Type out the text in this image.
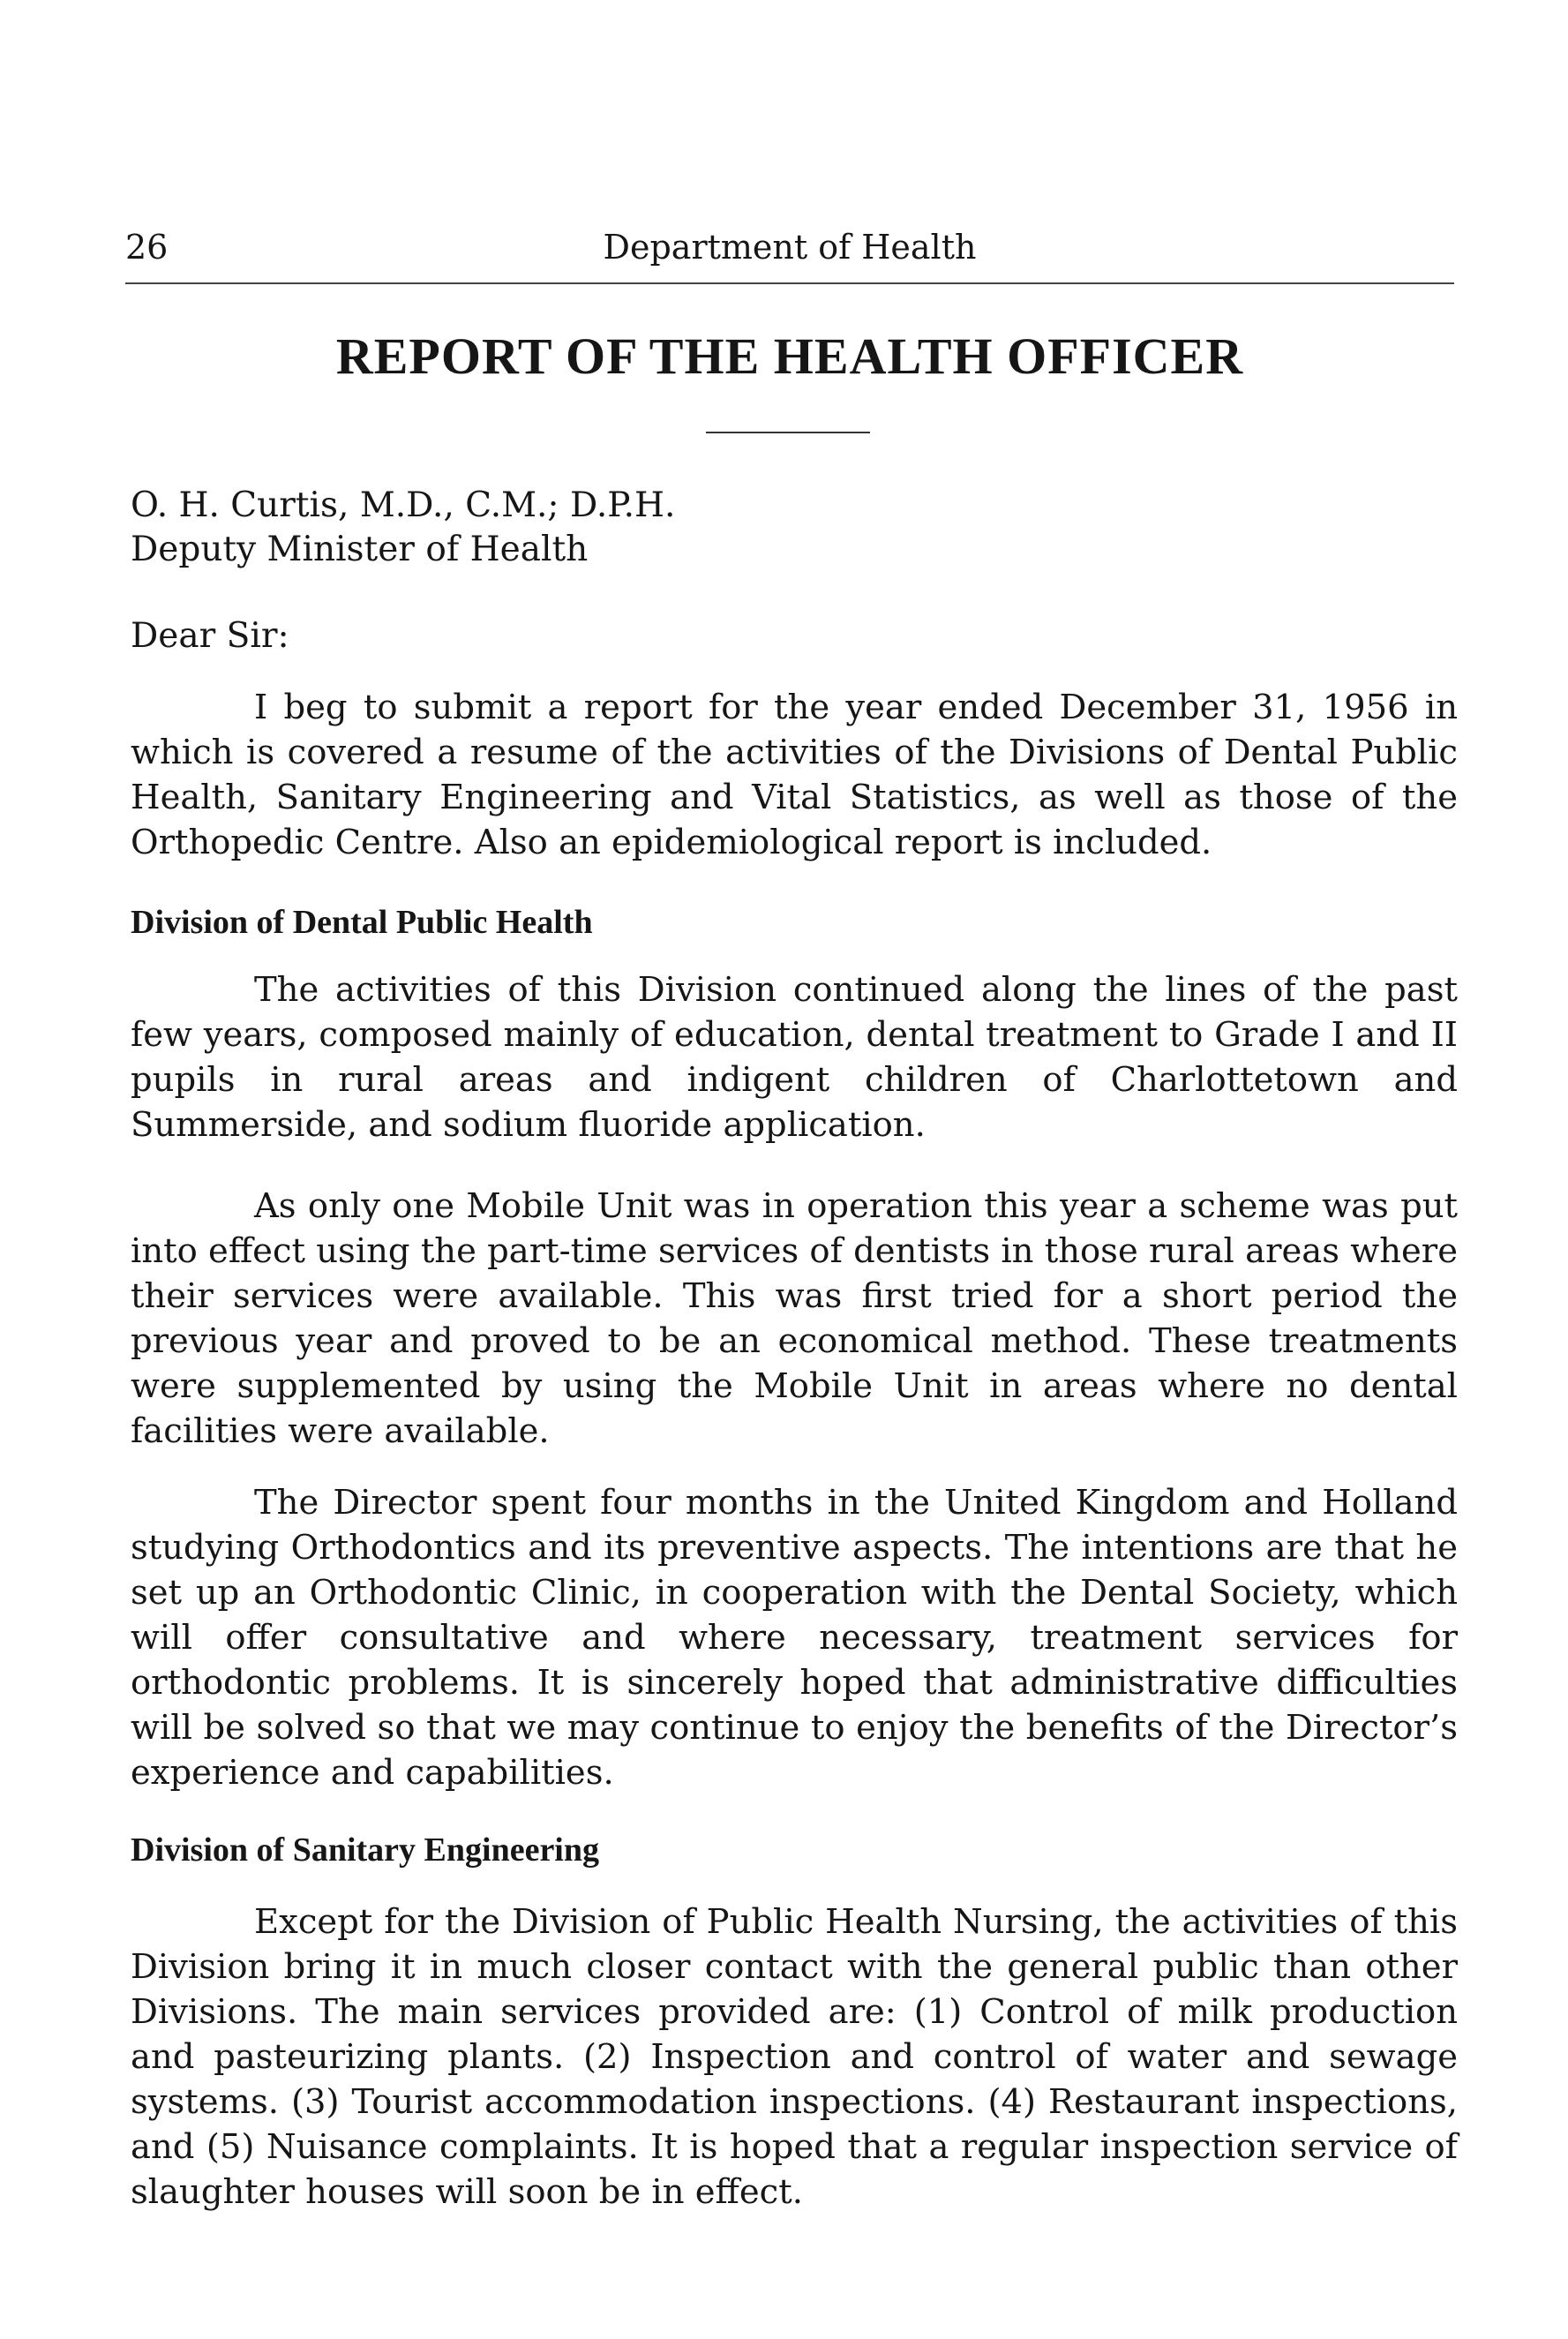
26	Department of Health
REPORT OF THE HEALTH OFFICER
O. H. Curtis, M.D., C.M.; D.P.H.
Deputy Minister of Health
Dear Sir:

I beg to submit a report for the year ended December 31, 1956 in which is covered a resume of the activities of the Divisions of Dental Public Health, Sanitary Engineering and Vital Statistics, as well as those of the Orthopedic Centre. Also an epidemiological report is included.

Division of Dental Public Health

The activities of this Division continued along the lines of the past few years, composed mainly of education, dental treatment to Grade I and II pupils in rural areas and indigent children of Charlottetown and Summerside, and sodium fluoride application.

As only one Mobile Unit was in operation this year a scheme was put into effect using the part-time services of dentists in those rural areas where their services were available. This was first tried for a short period the previous year and proved to be an economical method. These treatments were supplemented by using the Mobile Unit in areas where no dental facilities were available.

The Director spent four months in the United Kingdom and Holland studying Orthodontics and its preventive aspects. The intentions are that he set up an Orthodontic Clinic, in cooperation with the Dental Society, which will offer consultative and where necessary, treatment services for orthodontic problems. It is sincerely hoped that administrative difficulties will be solved so that we may continue to enjoy the benefits of the Director’s experience and capabilities.

Division of Sanitary Engineering

Except for the Division of Public Health Nursing, the activities of this Division bring it in much closer contact with the general public than other Divisions. The main services provided are: (1) Control of milk production and pasteurizing plants. (2) Inspection and control of water and sewage systems. (3) Tourist accommodation inspections. (4) Restaurant inspections, and (5) Nuisance complaints. It is hoped that a regular inspection service of slaughter houses will soon be in effect.
